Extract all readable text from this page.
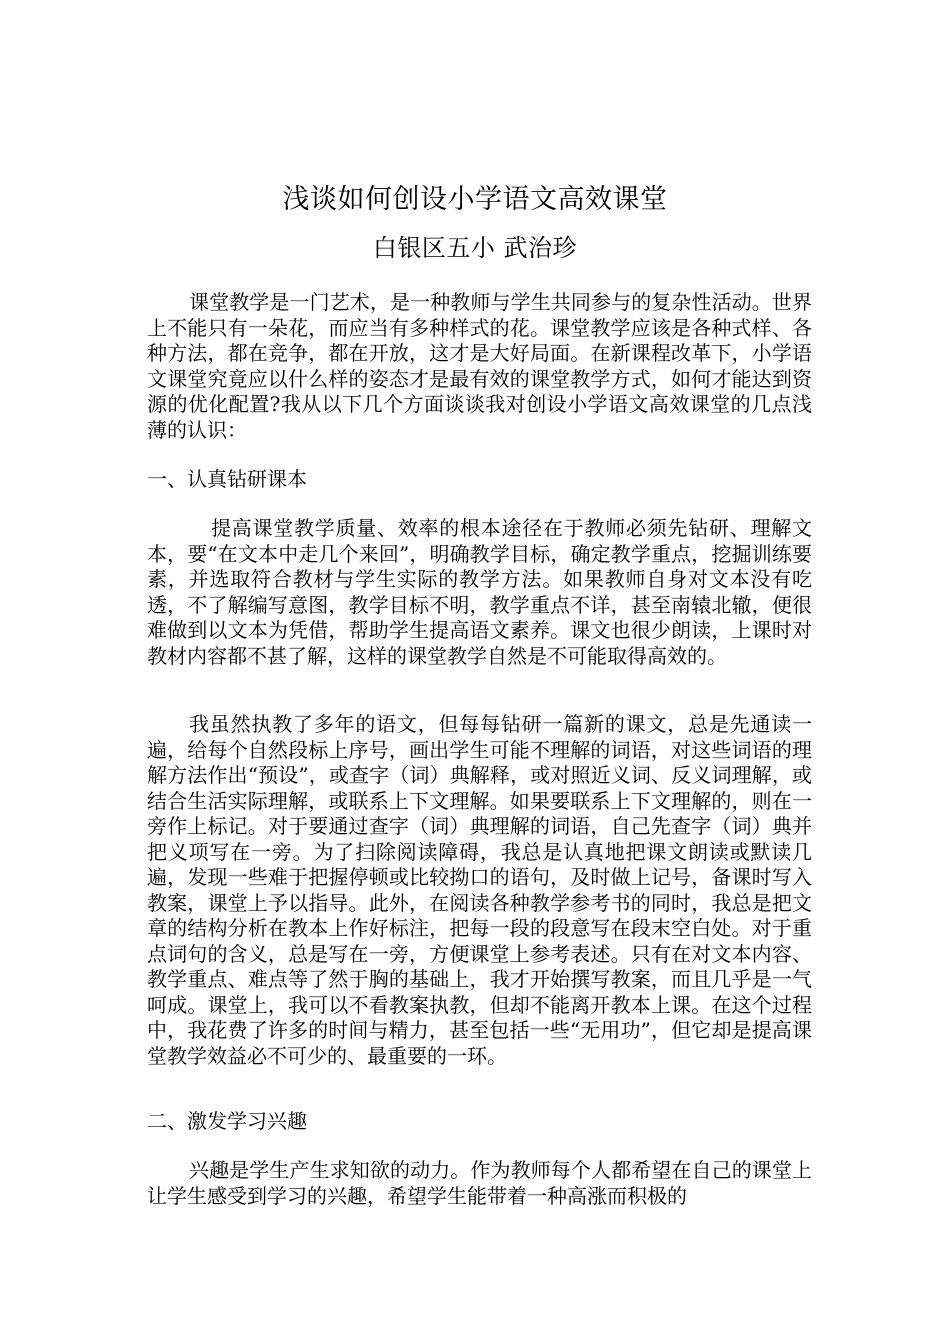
浅谈如何创设小学语文高效课堂
白银区五小 武治珍

课堂教学是一门艺术，是一种教师与学生共同参与的复杂性活动。世界上不能只有一朵花，而应当有多种样式的花。课堂教学应该是各种式样、各种方法，都在竞争，都在开放，这才是大好局面。在新课程改革下，小学语文课堂究竟应以什么样的姿态才是最有效的课堂教学方式，如何才能达到资源的优化配置?我从以下几个方面谈谈我对创设小学语文高效课堂的几点浅薄的认识：

一、认真钻研课本

提高课堂教学质量、效率的根本途径在于教师必须先钻研、理解文本，要“在文本中走几个来回”，明确教学目标，确定教学重点，挖掘训练要素，并选取符合教材与学生实际的教学方法。如果教师自身对文本没有吃透，不了解编写意图，教学目标不明，教学重点不详，甚至南辕北辙，便很难做到以文本为凭借，帮助学生提高语文素养。课文也很少朗读，上课时对教材内容都不甚了解，这样的课堂教学自然是不可能取得高效的。

我虽然执教了多年的语文，但每每钻研一篇新的课文，总是先通读一遍，给每个自然段标上序号，画出学生可能不理解的词语，对这些词语的理解方法作出“预设”，或查字（词）典解释，或对照近义词、反义词理解，或结合生活实际理解，或联系上下文理解。如果要联系上下文理解的，则在一旁作上标记。对于要通过查字（词）典理解的词语，自己先查字（词）典并把义项写在一旁。为了扫除阅读障碍，我总是认真地把课文朗读或默读几遍，发现一些难于把握停顿或比较拗口的语句，及时做上记号，备课时写入教案，课堂上予以指导。此外，在阅读各种教学参考书的同时，我总是把文章的结构分析在教本上作好标注，把每一段的段意写在段末空白处。对于重点词句的含义，总是写在一旁，方便课堂上参考表述。只有在对文本内容、教学重点、难点等了然于胸的基础上，我才开始撰写教案，而且几乎是一气呵成。课堂上，我可以不看教案执教，但却不能离开教本上课。在这个过程中，我花费了许多的时间与精力，甚至包括一些“无用功”，但它却是提高课堂教学效益必不可少的、最重要的一环。

二、激发学习兴趣

兴趣是学生产生求知欲的动力。作为教师每个人都希望在自己的课堂上让学生感受到学习的兴趣，希望学生能带着一种高涨而积极的
